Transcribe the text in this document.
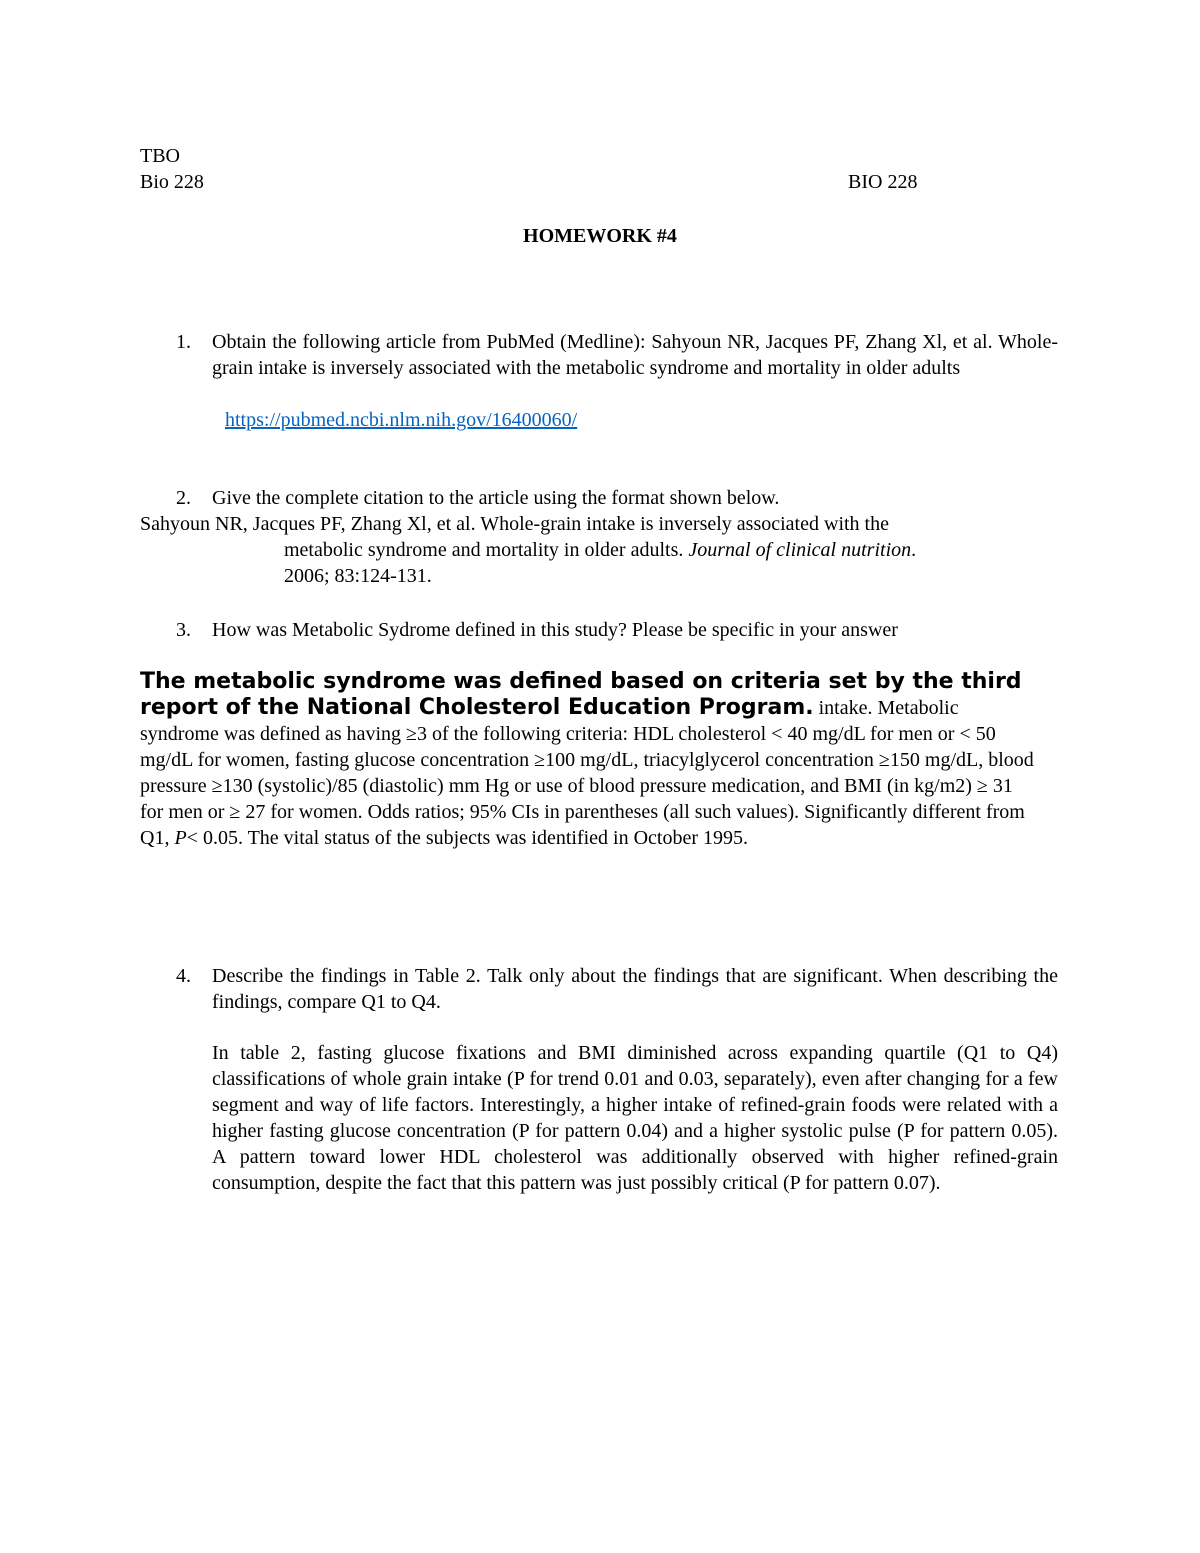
TBO
Bio 228	BIO 228
HOMEWORK #4
1.	Obtain the following article from PubMed (Medline): Sahyoun NR, Jacques PF, Zhang Xl, et al. Whole-grain intake is inversely associated with the metabolic syndrome and mortality in older adults
https://pubmed.ncbi.nlm.nih.gov/16400060/
2.	Give the complete citation to the article using the format shown below.
Sahyoun NR, Jacques PF, Zhang Xl, et al. Whole-grain intake is inversely associated with the
metabolic syndrome and mortality in older adults. Journal of clinical nutrition.
2006; 83:124-131.
3.	How was Metabolic Sydrome defined in this study? Please be specific in your answer
The metabolic syndrome was defined based on criteria set by the third report of the National Cholesterol Education Program. intake. Metabolic syndrome was defined as having ≥3 of the following criteria: HDL cholesterol < 40 mg/dL for men or < 50 mg/dL for women, fasting glucose concentration ≥100 mg/dL, triacylglycerol concentration ≥150 mg/dL, blood pressure ≥130 (systolic)/85 (diastolic) mm Hg or use of blood pressure medication, and BMI (in kg/m2) ≥ 31 for men or ≥ 27 for women. Odds ratios; 95% CIs in parentheses (all such values). Significantly different from Q1, P< 0.05. The vital status of the subjects was identified in October 1995.
4.	Describe the findings in Table 2. Talk only about the findings that are significant. When describing the findings, compare Q1 to Q4.
In table 2, fasting glucose fixations and BMI diminished across expanding quartile (Q1 to Q4) classifications of whole grain intake (P for trend 0.01 and 0.03, separately), even after changing for a few segment and way of life factors. Interestingly, a higher intake of refined-grain foods were related with a higher fasting glucose concentration (P for pattern 0.04) and a higher systolic pulse (P for pattern 0.05). A pattern toward lower HDL cholesterol was additionally observed with higher refined-grain consumption, despite the fact that this pattern was just possibly critical (P for pattern 0.07).
